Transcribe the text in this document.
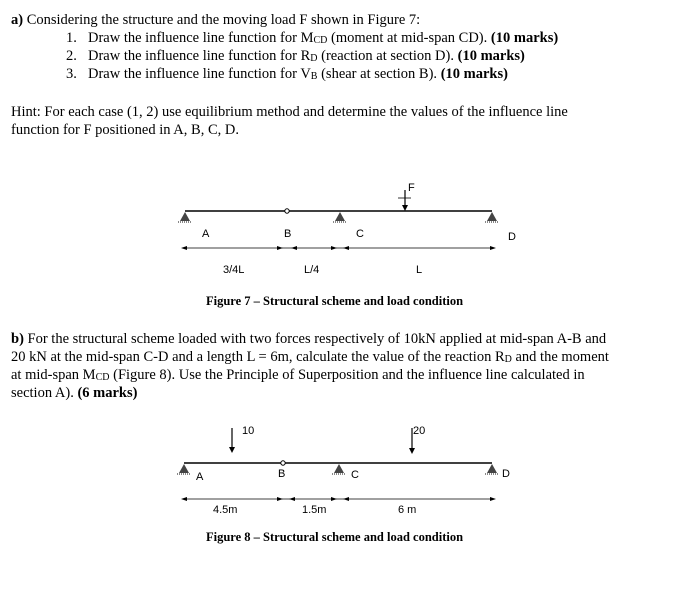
a) Considering the structure and the moving load F shown in Figure 7:
1. Draw the influence line function for MCD (moment at mid-span CD). (10 marks)
2. Draw the influence line function for RD (reaction at section D). (10 marks)
3. Draw the influence line function for VB (shear at section B). (10 marks)
Hint: For each case (1, 2) use equilibrium method and determine the values of the influence line
function for F positioned in A, B, C, D.
F
A	B	C	D
3/4L	L/4	L
10	20
A	B	C	D
4.5m	1.5m	6 m
Figure 7 – Structural scheme and load condition
b) For the structural scheme loaded with two forces respectively of 10kN applied at mid-span A-B and
20 kN at the mid-span C-D and a length L = 6m, calculate the value of the reaction RD and the moment
at mid-span MCD (Figure 8). Use the Principle of Superposition and the influence line calculated in
section A). (6 marks)
Figure 8 – Structural scheme and load condition
